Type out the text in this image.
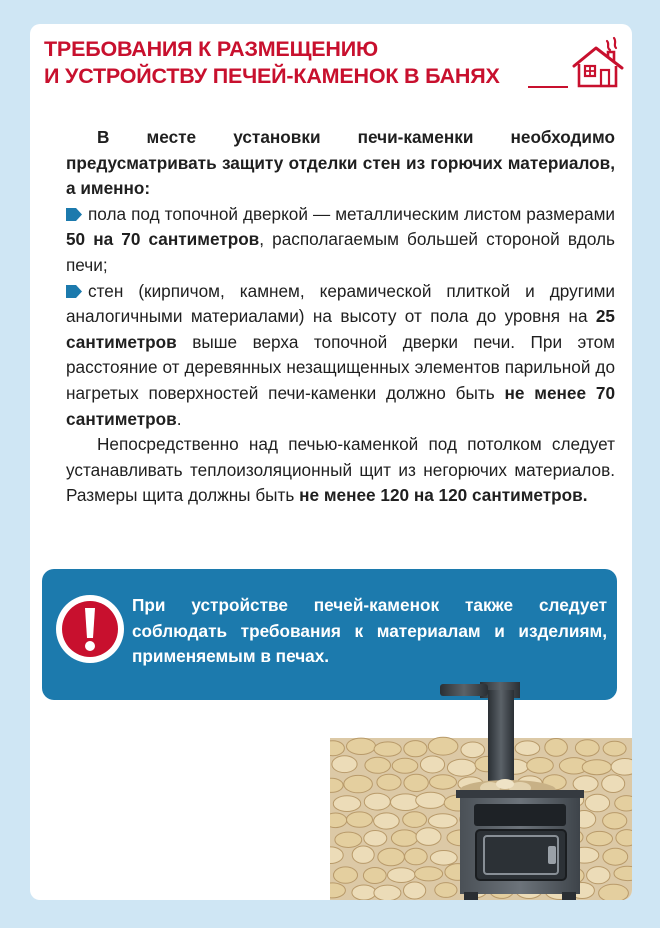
ТРЕБОВАНИЯ К РАЗМЕЩЕНИЮ
И УСТРОЙСТВУ ПЕЧЕЙ-КАМЕНОК В БАНЯХ

В месте установки печи-каменки необходимо предусматривать защиту отделки стен из горючих материалов, а именно:

пола под топочной дверкой — металлическим листом размерами 50 на 70 сантиметров, располагаемым большей стороной вдоль печи;

стен (кирпичом, камнем, керамической плиткой и другими аналогичными материалами) на высоту от пола до уровня на 25 сантиметров выше верха топочной дверки печи. При этом расстояние от деревянных незащищенных элементов парильной до нагретых поверхностей печи-каменки должно быть не менее 70 сантиметров.

Непосредственно над печью-каменкой под потолком следует устанавливать теплоизоляционный щит из негорючих материалов. Размеры щита должны быть не менее 120 на 120 сантиметров.

При устройстве печей-каменок также следует соблюдать требования к материалам и изделиям, применяемым в печах.
